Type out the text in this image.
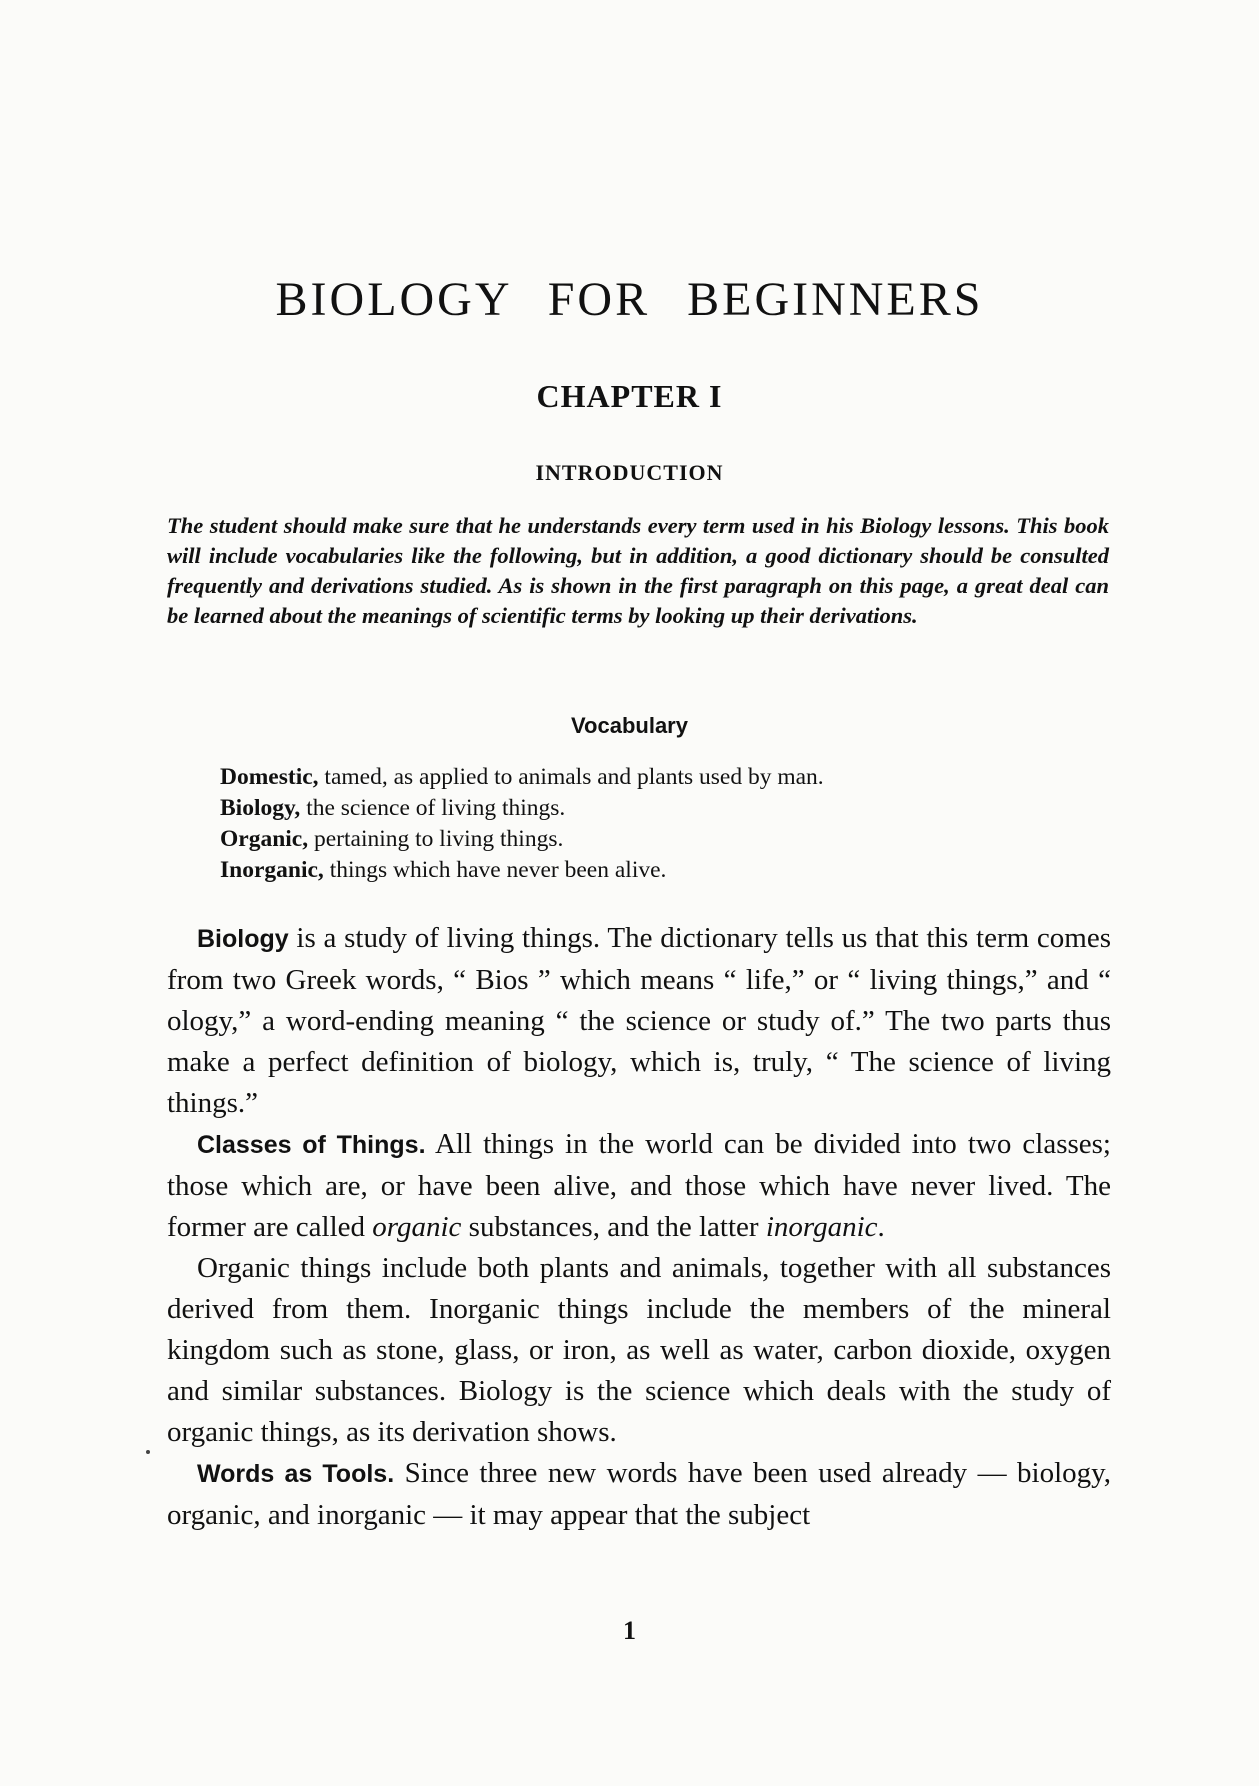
BIOLOGY FOR BEGINNERS
CHAPTER I
INTRODUCTION

The student should make sure that he understands every term used in his Biology lessons. This book will include vocabularies like the following, but in addition, a good dictionary should be consulted frequently and derivations studied. As is shown in the first paragraph on this page, a great deal can be learned about the meanings of scientific terms by looking up their derivations.

Vocabulary
Domestic, tamed, as applied to animals and plants used by man.
Biology, the science of living things.
Organic, pertaining to living things.
Inorganic, things which have never been alive.

Biology is a study of living things. The dictionary tells us that this term comes from two Greek words, “ Bios ” which means “ life,” or “ living things,” and “ ology,” a word-ending meaning “ the science or study of.” The two parts thus make a perfect definition of biology, which is, truly, “ The science of living things.”

Classes of Things. All things in the world can be divided into two classes; those which are, or have been alive, and those which have never lived. The former are called organic substances, and the latter inorganic.

Organic things include both plants and animals, together with all substances derived from them. Inorganic things include the members of the mineral kingdom such as stone, glass, or iron, as well as water, carbon dioxide, oxygen and similar substances. Biology is the science which deals with the study of organic things, as its derivation shows.

Words as Tools. Since three new words have been used already — biology, organic, and inorganic — it may appear that the subject

1
